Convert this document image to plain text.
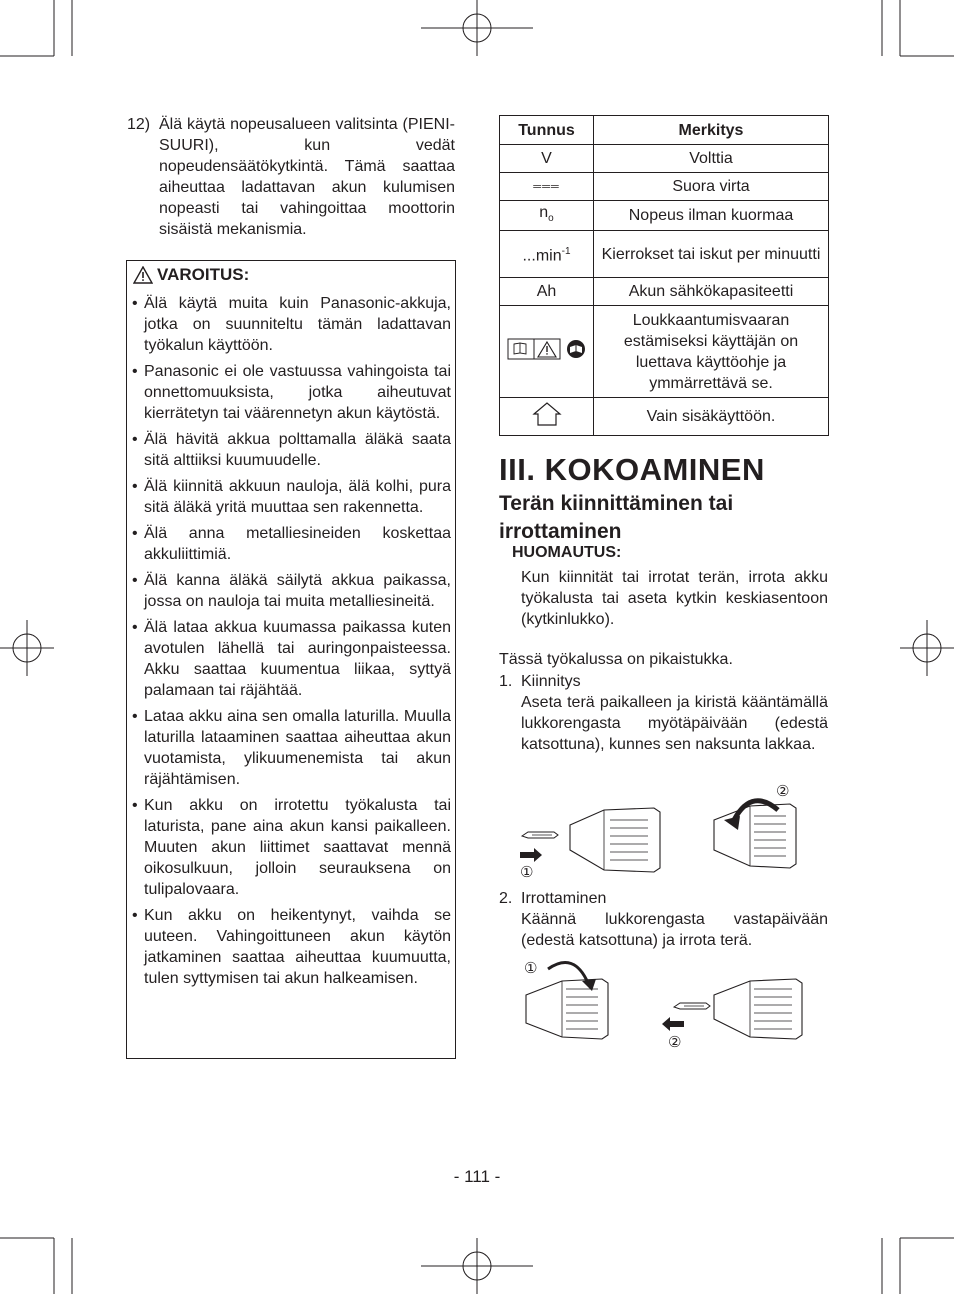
12) Älä käytä nopeusalueen valitsinta (PIENI-SUURI), kun vedät nopeudensäätökytkintä. Tämä saattaa aiheuttaa ladattavan akun kulumisen nopeasti tai vahingoittaa moottorin sisäistä mekanismia.
VAROITUS:
• Älä käytä muita kuin Panasonic-akkuja, jotka on suunniteltu tämän ladattavan työkalun käyttöön.
• Panasonic ei ole vastuussa vahingoista tai onnettomuuksista, jotka aiheutuvat kierrätetyn tai väärennetyn akun käytöstä.
• Älä hävitä akkua polttamalla äläkä saata sitä alttiiksi kuumuudelle.
• Älä kiinnitä akkuun nauloja, älä kolhi, pura sitä äläkä yritä muuttaa sen rakennetta.
• Älä anna metalliesineiden koskettaa akkuliittimiä.
• Älä kanna äläkä säilytä akkua paikassa, jossa on nauloja tai muita metalliesineitä.
• Älä lataa akkua kuumassa paikassa kuten avotulen lähellä tai auringonpaisteessa. Akku saattaa kuumentua liikaa, syttyä palamaan tai räjähtää.
• Lataa akku aina sen omalla laturilla. Muulla laturilla lataaminen saattaa aiheuttaa akun vuotamista, ylikuumenemista tai akun räjähtämisen.
• Kun akku on irrotettu työkalusta tai laturista, pane aina akun kansi paikalleen. Muuten akun liittimet saattavat mennä oikosulkuun, jolloin seurauksena on tulipalovaara.
• Kun akku on heikentynyt, vaihda se uuteen. Vahingoittuneen akun käytön jatkaminen saattaa aiheuttaa kuumuutta, tulen syttymisen tai akun halkeamisen.
Tunnus	Merkitys
V	Volttia
═══	Suora virta
$n_o$	Nopeus ilman kuormaa
$...\min^{-1}$	Kierrokset tai iskut per minuutti
Ah	Akun sähkökapasiteetti
	Loukkaantumisvaaran estämiseksi käyttäjän on luettava käyttöohje ja ymmärrettävä se.
	Vain sisäkäyttöön.
III. KOKOAMINEN
Terän kiinnittäminen tai irrottaminen
HUOMAUTUS:
Kun kiinnität tai irrotat terän, irrota akku työkalusta tai aseta kytkin keskiasentoon (kytkinlukko).
Tässä työkalussa on pikaistukka.
1. Kiinnitys
Aseta terä paikalleen ja kiristä kääntämällä lukkorengasta myötäpäivään (edestä katsottuna), kunnes sen naksunta lakkaa.
①
②
2. Irrottaminen
Käännä lukkorengasta vastapäivään (edestä katsottuna) ja irrota terä.
①
②
- 111 -
